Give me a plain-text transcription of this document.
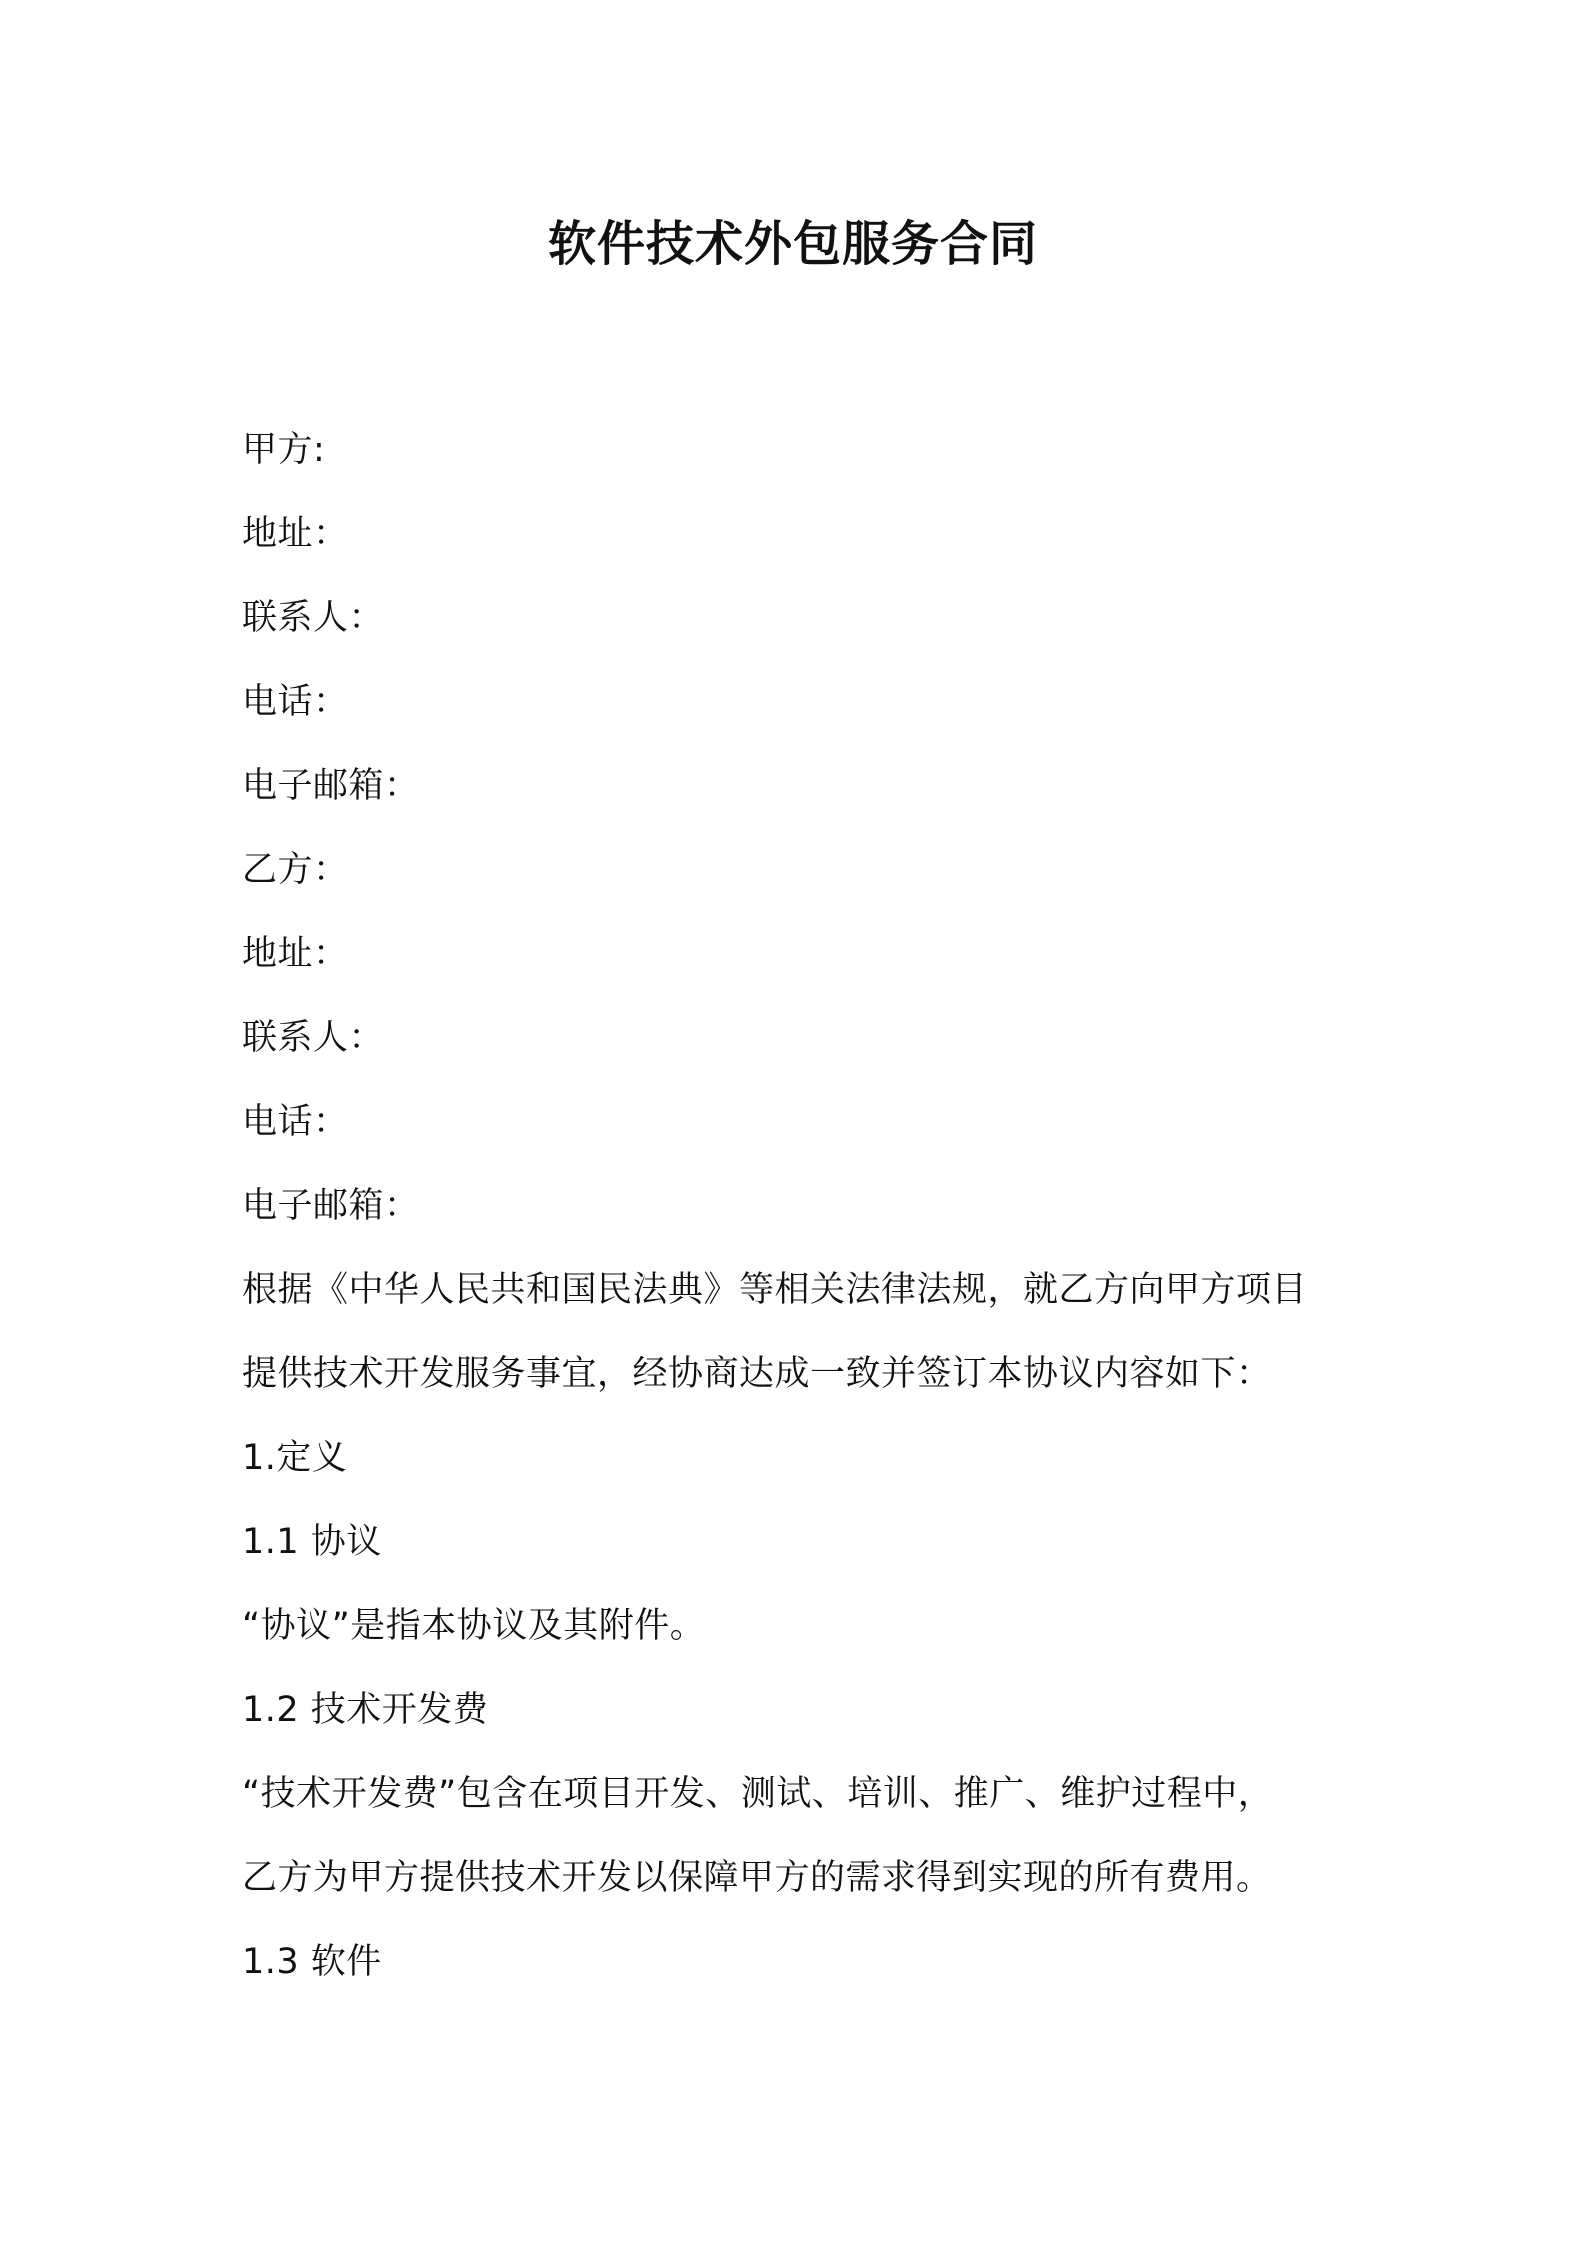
软件技术外包服务合同
甲方:
地址：
联系人：
电话：
电子邮箱：
乙方：
地址：
联系人：
电话：
电子邮箱：
根据《中华人民共和国民法典》等相关法律法规，就乙方向甲方项目
提供技术开发服务事宜，经协商达成一致并签订本协议内容如下：
1.定义
1.1 协议
“协议”是指本协议及其附件。
1.2 技术开发费
“技术开发费”包含在项目开发、测试、培训、推广、维护过程中，
乙方为甲方提供技术开发以保障甲方的需求得到实现的所有费用。
1.3 软件
